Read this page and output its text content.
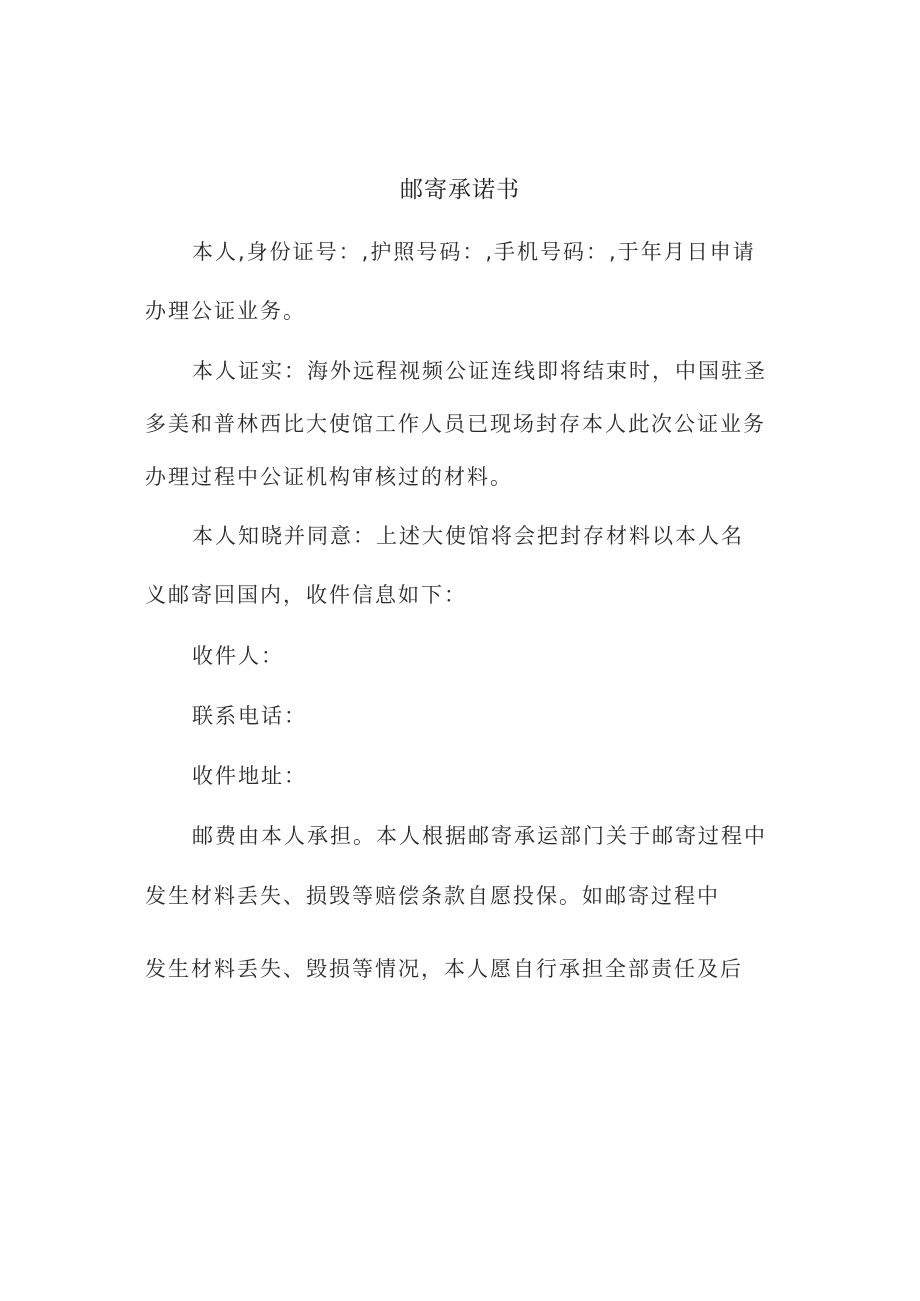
邮寄承诺书
本人,身份证号：,护照号码：,手机号码：,于年月日申请
办理公证业务。
本人证实：海外远程视频公证连线即将结束时，中国驻圣
多美和普林西比大使馆工作人员已现场封存本人此次公证业务
办理过程中公证机构审核过的材料。
本人知晓并同意：上述大使馆将会把封存材料以本人名
义邮寄回国内，收件信息如下：
收件人：
联系电话：
收件地址：
邮费由本人承担。本人根据邮寄承运部门关于邮寄过程中
发生材料丢失、损毁等赔偿条款自愿投保。如邮寄过程中
发生材料丢失、毁损等情况，本人愿自行承担全部责任及后
